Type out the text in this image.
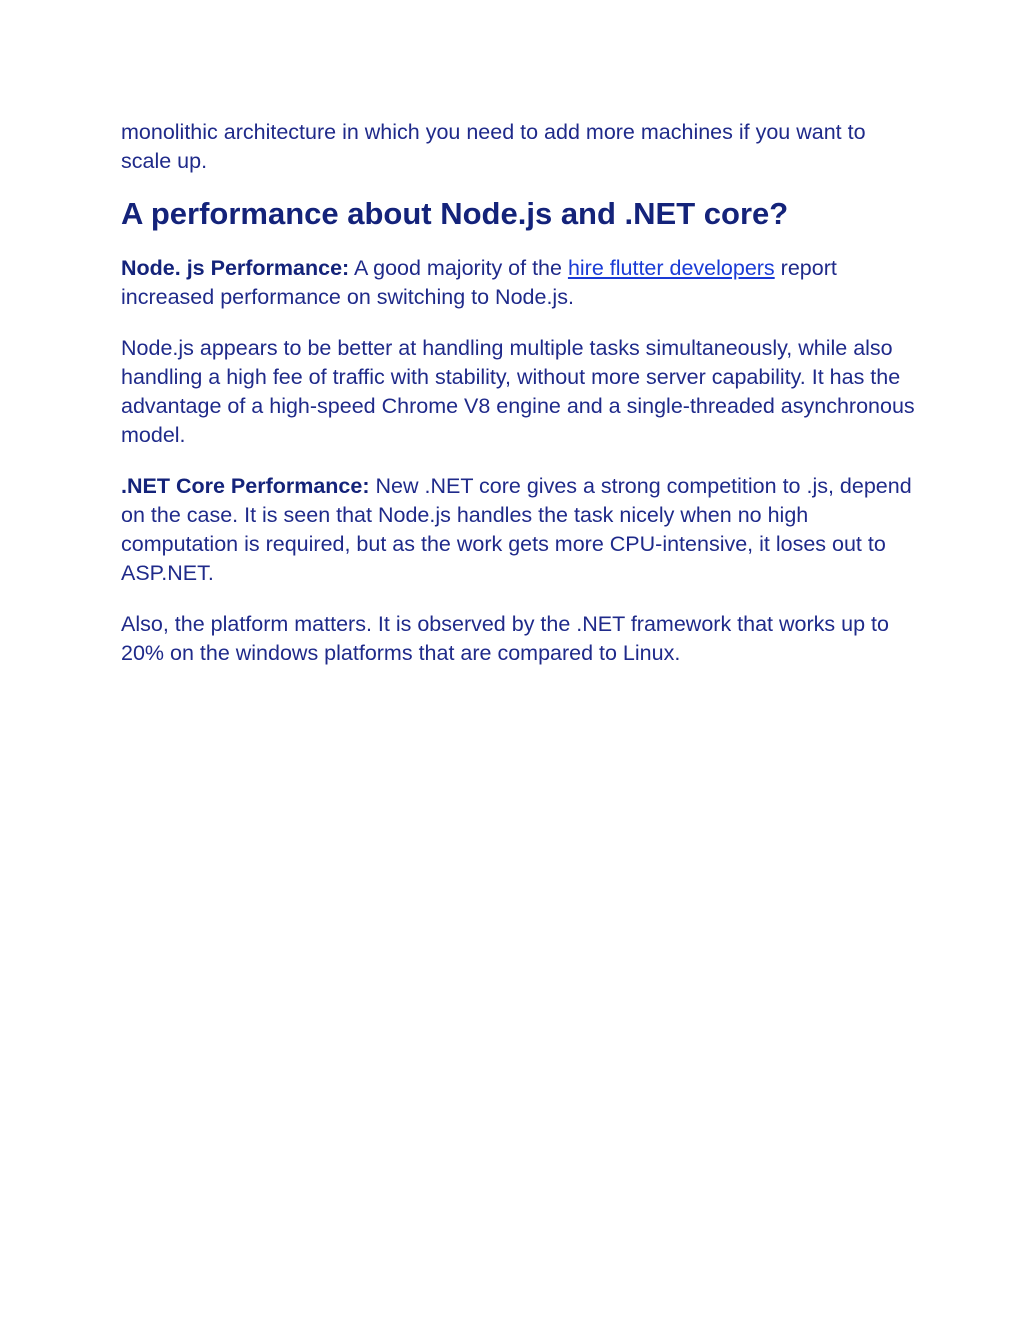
monolithic architecture in which you need to add more machines if you want to scale up.

A performance about Node.js and .NET core?

Node. js Performance: A good majority of the hire flutter developers report increased performance on switching to Node.js.

Node.js appears to be better at handling multiple tasks simultaneously, while also handling a high fee of traffic with stability, without more server capability. It has the advantage of a high-speed Chrome V8 engine and a single-threaded asynchronous model.

.NET Core Performance: New .NET core gives a strong competition to .js, depend on the case. It is seen that Node.js handles the task nicely when no high computation is required, but as the work gets more CPU-intensive, it loses out to ASP.NET.

Also, the platform matters. It is observed by the .NET framework that works up to 20% on the windows platforms that are compared to Linux.
